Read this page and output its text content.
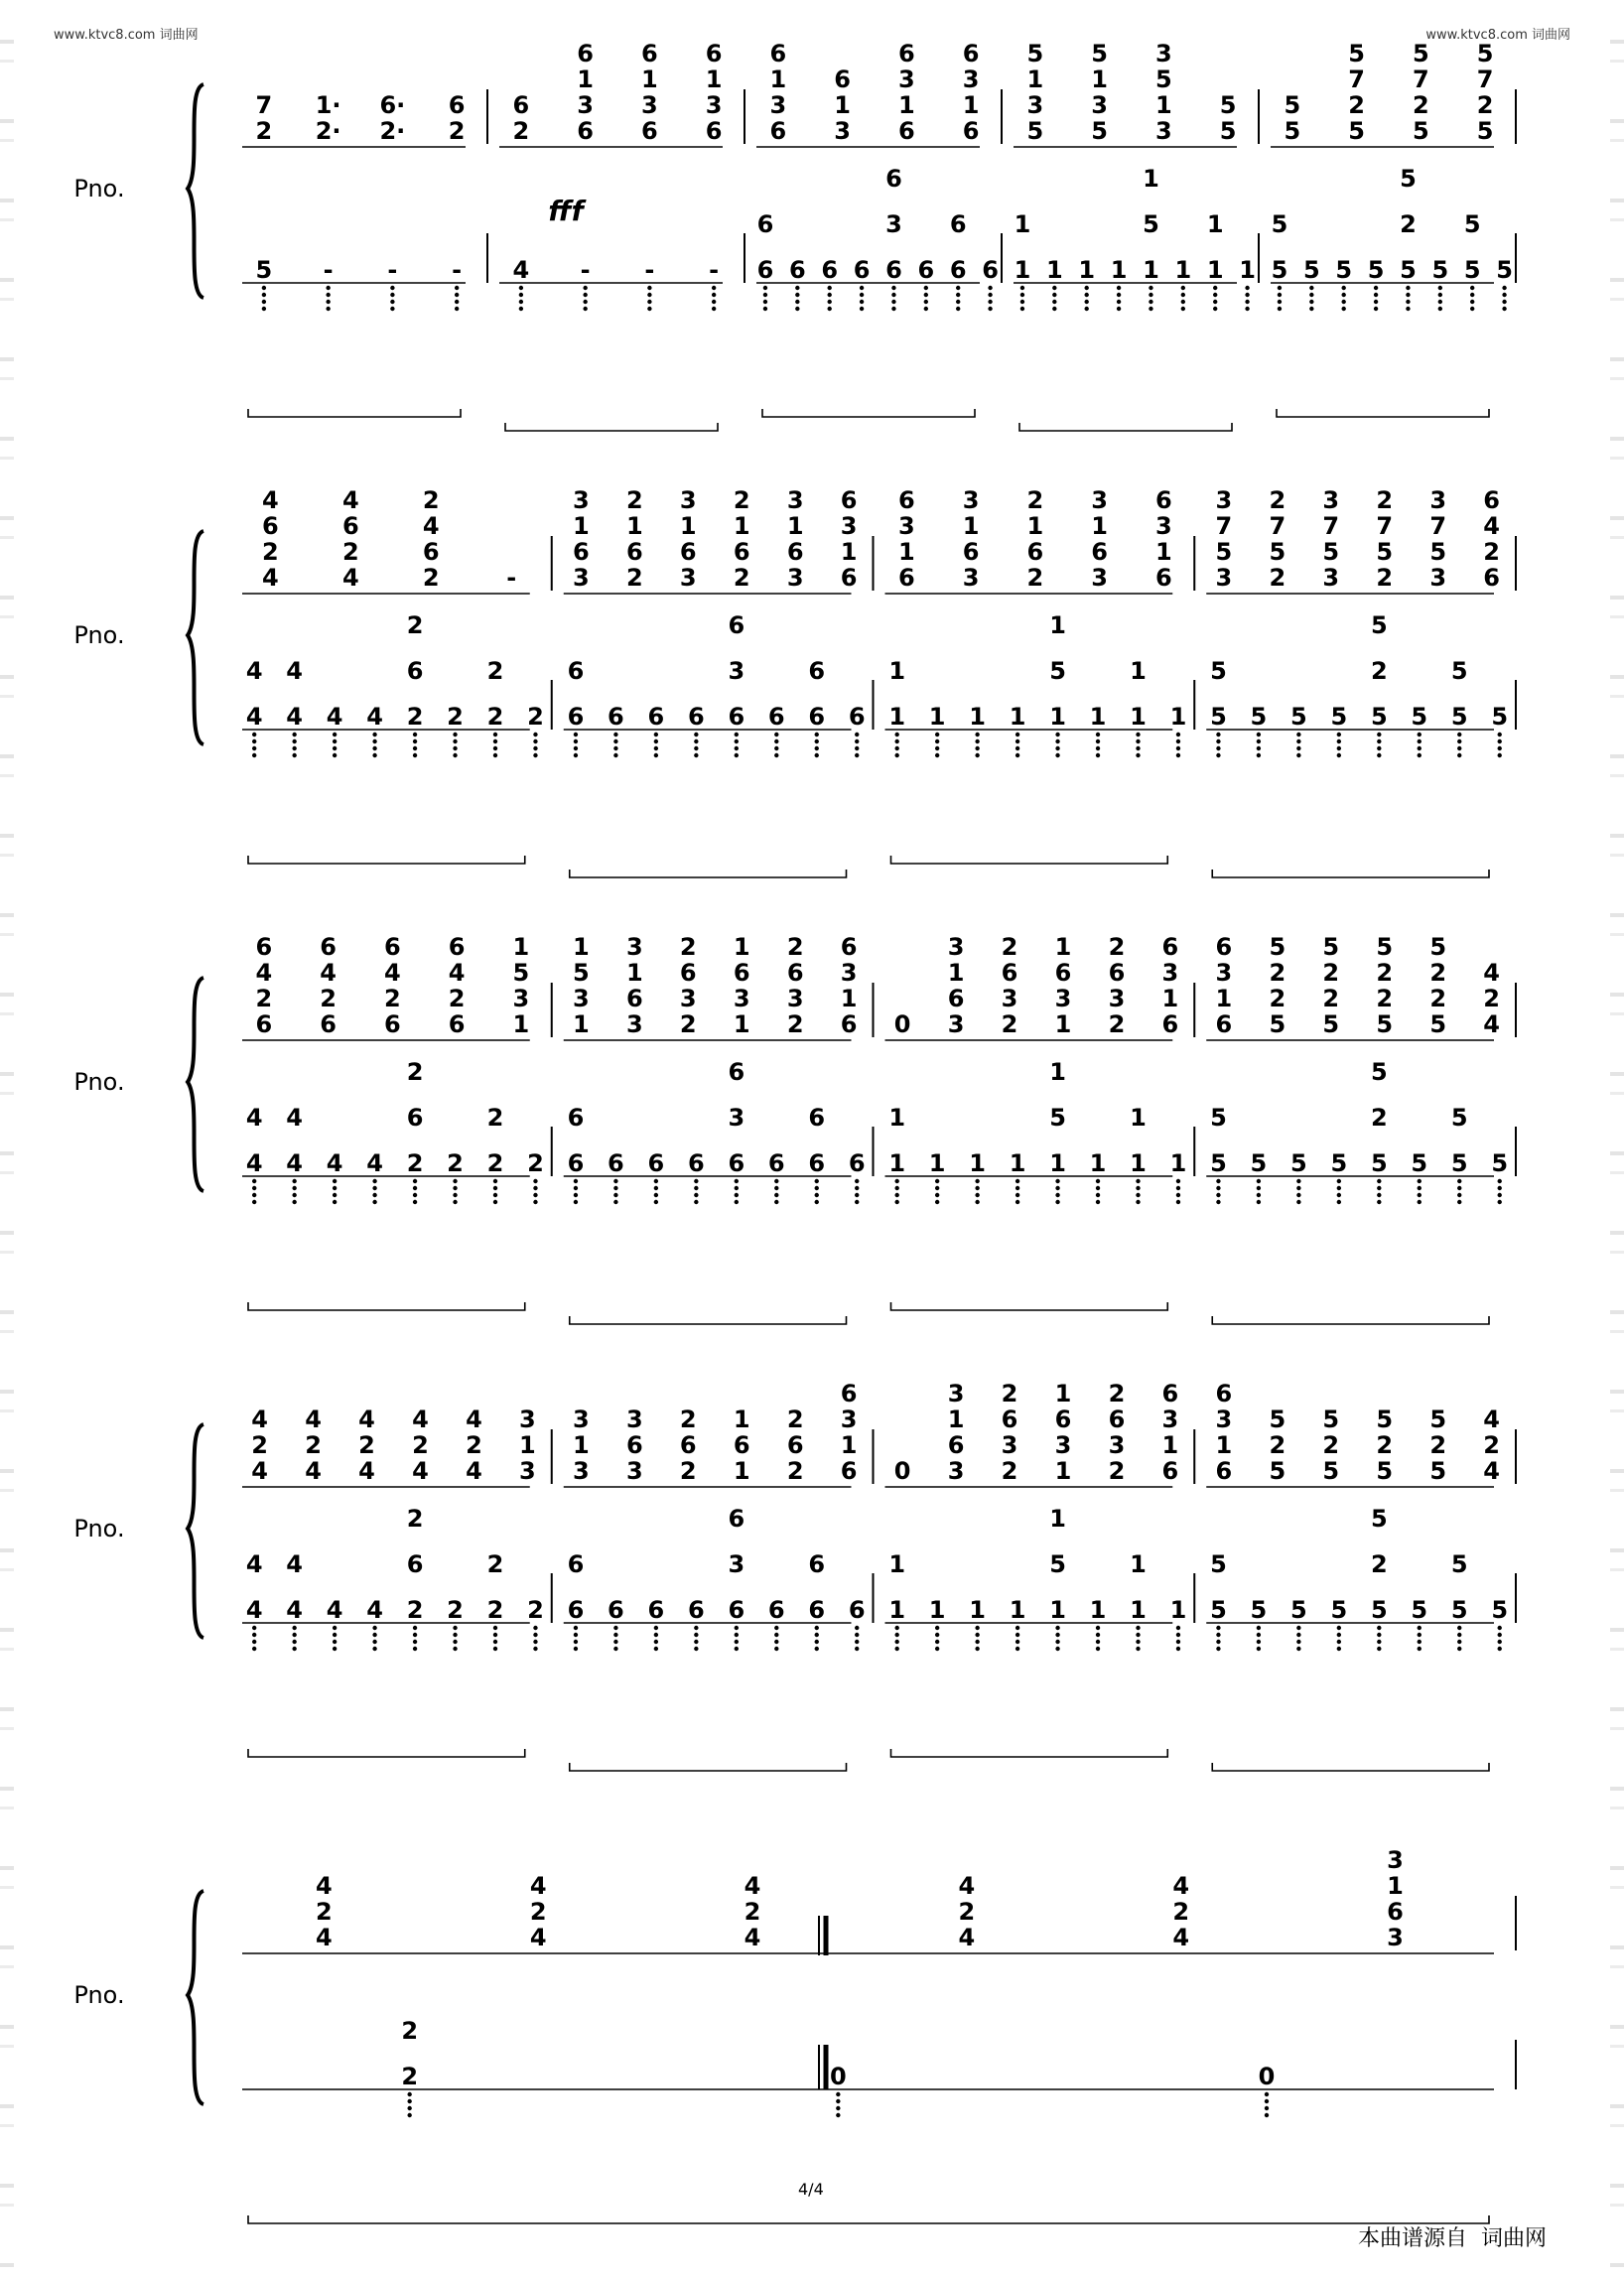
www.ktvc8.com 词曲网	www.ktvc8.com 词曲网
Pno.
2
7
2·
1·
2·
6·
2
6
2
6
6
3
1
6
6
3
1
6
6
3
1
6
6
3
1
6
3
1
6
6
1
3
6
6
1
3
6
5
3
1
5
5
3
1
5
3
1
5
3
5
5
5
5
5
2
7
5
5
2
7
5
5
2
7
5
5 - - - 4 - - - 6
6
6 6 6 6
3
6
6 6
6
6 1
1
1 1 1 1
5
1
1 1
1
1 5
5
5 5 5 5
2
5
5 5
5
5
Pno.
4
2
6
4
4
2
6
4
2
6
4
2
- 3
6
1
3
2
6
1
2
3
6
1
3
2
6
1
2
3
6
1
3
6
1
3
6
6
1
3
6
3
6
1
3
2
6
1
2
3
6
1
3
6
1
3
6
3
5
7
3
2
5
7
2
3
5
7
3
2
5
7
2
3
5
7
3
6
2
4
6
4
4
4
4
4 4 2
6
2
2 2
2
2 6
6
6 6 6 6
3
6
6 6
6
6 1
1
1 1 1 1
5
1
1 1
1
1 5
5
5 5 5 5
2
5
5 5
5
5
Pno.
6
2
4
6
6
2
4
6
6
2
4
6
6
2
4
6
1
3
5
1
1
3
5
1
3
6
1
3
2
3
6
2
1
3
6
1
2
3
6
2
6
1
3
6
0 3
6
1
3
2
3
6
2
1
3
6
1
2
3
6
2
6
1
3
6
6
1
3
6
5
2
2
5
5
2
2
5
5
2
2
5
5
2
2
5
4
2
4
4
4
4
4
4 4 2
6
2
2 2
2
2 6
6
6 6 6 6
3
6
6 6
6
6 1
1
1 1 1 1
5
1
1 1
1
1 5
5
5 5 5 5
2
5
5 5
5
5
Pno.
4
2
4
4
2
4
4
2
4
4
2
4
4
2
4
3
1
3
3
1
3
3
6
3
2
6
2
1
6
1
2
6
2
6
1
3
6
0 3
6
1
3
2
3
6
2
1
3
6
1
2
3
6
2
6
1
3
6
6
1
3
6
5
2
5
5
2
5
5
2
5
5
2
5
4
2
4
4
4
4
4
4 4 2
6
2
2 2
2
2 6
6
6 6 6 6
3
6
6 6
6
6 1
1
1 1 1 1
5
1
1 1
1
1 5
5
5 5 5 5
2
5
5 5
5
5
Pno.
4
2
4
4
2
4
4
2
4
4
2
4
4
2
4
3
6
1
3
2
2
0	0
fff
4/4
本曲谱源自 词曲网
